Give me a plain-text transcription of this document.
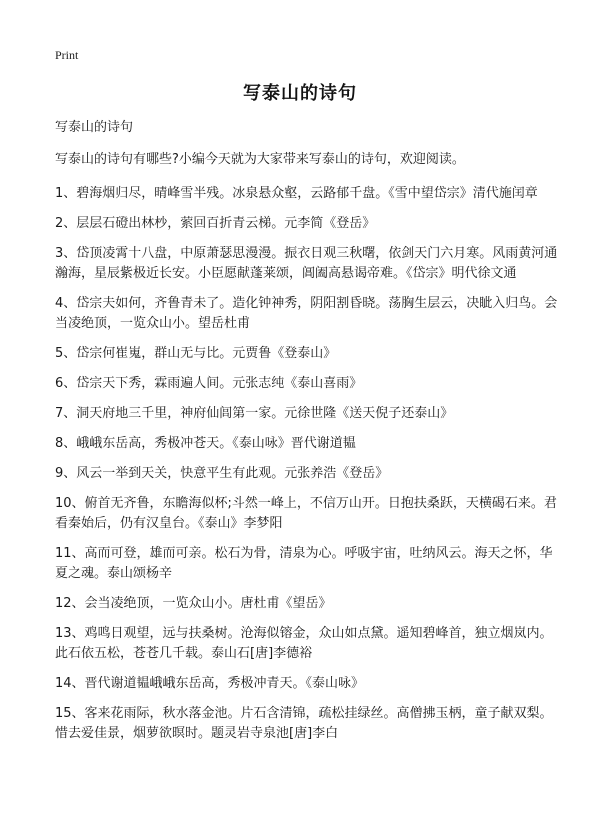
Print
写泰山的诗句

写泰山的诗句

写泰山的诗句有哪些?小编今天就为大家带来写泰山的诗句，欢迎阅读。

1、碧海烟归尽，晴峰雪半残。冰泉悬众壑，云路郁千盘。《雪中望岱宗》清代施闰章

2、层层石磴出林杪，萦回百折青云梯。元李简《登岳》

3、岱顶凌霄十八盘，中原萧瑟思漫漫。振衣日观三秋曙，依剑天门六月寒。风雨黄河通瀚海，星辰紫极近长安。小臣愿献蓬莱颂，阊阖高悬谒帝难。《岱宗》明代徐文通

4、岱宗夫如何，齐鲁青未了。造化钟神秀，阴阳割昏晓。荡胸生层云，决眦入归鸟。会当凌绝顶，一览众山小。望岳杜甫

5、岱宗何崔嵬，群山无与比。元贾鲁《登泰山》

6、岱宗天下秀，霖雨遍人间。元张志纯《泰山喜雨》

7、洞天府地三千里，神府仙闾第一家。元徐世隆《送天倪子还泰山》

8、峨峨东岳高，秀极冲苍天。《泰山咏》晋代谢道韫

9、风云一举到天关，快意平生有此观。元张养浩《登岳》

10、俯首无齐鲁，东瞻海似杯;斗然一峰上，不信万山开。日抱扶桑跃，天横碣石来。君看秦始后，仍有汉皇台。《泰山》李梦阳

11、高而可登，雄而可亲。松石为骨，清泉为心。呼吸宇宙，吐纳风云。海天之怀，华夏之魂。泰山颂杨辛

12、会当凌绝顶，一览众山小。唐杜甫《望岳》

13、鸡鸣日观望，远与扶桑树。沧海似镕金，众山如点黛。遥知碧峰首，独立烟岚内。此石依五松，苍苍几千载。泰山石[唐]李德裕

14、晋代谢道韫峨峨东岳高，秀极冲青天。《泰山咏》

15、客来花雨际，秋水落金池。片石含清锦，疏松挂绿丝。高僧拂玉柄，童子献双梨。惜去爱佳景，烟萝欲暝时。题灵岩寺泉池[唐]李白
